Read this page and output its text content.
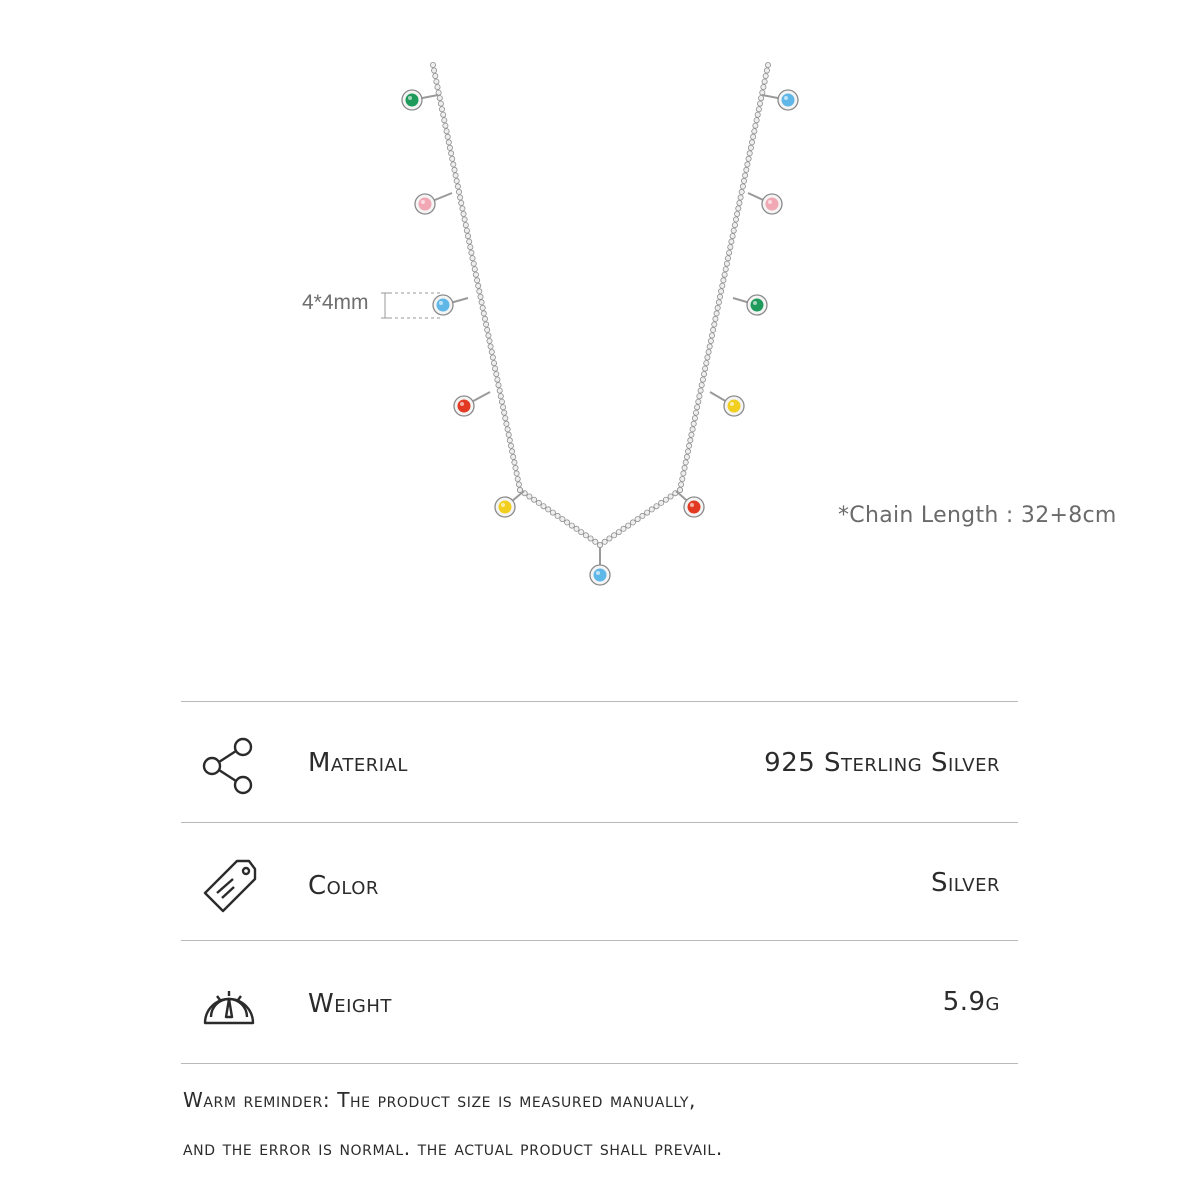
4*4mm
*Chain Length : 32+8cm
Material	925 Sterling Silver
Color	Silver
Weight	5.9g
Warm reminder: The product size is measured manually,
and the error is normal. the actual product shall prevail.
